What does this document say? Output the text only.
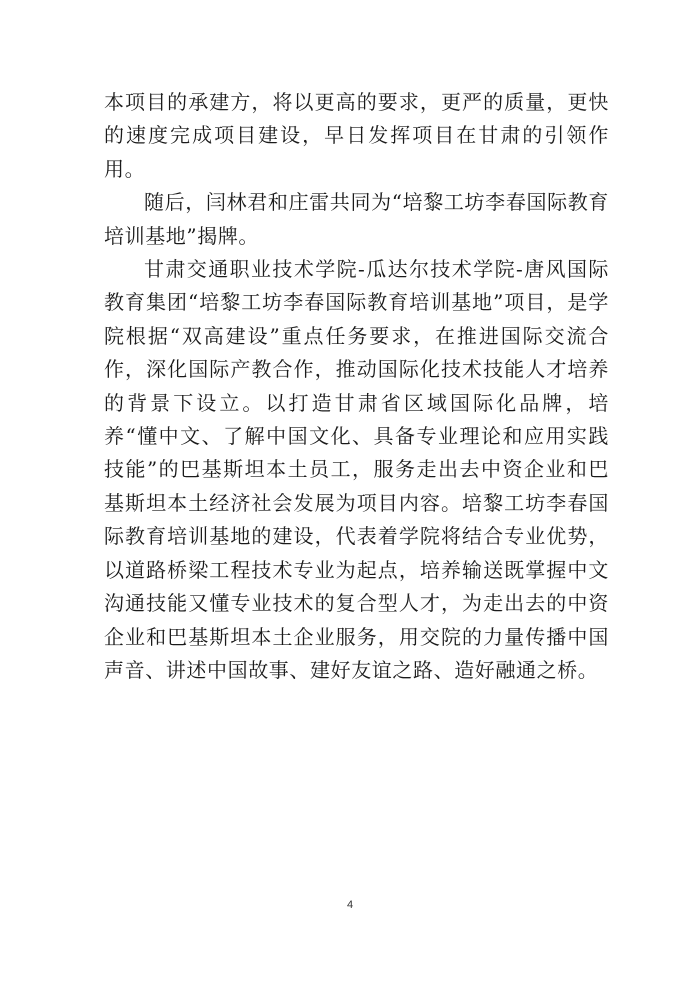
本项目的承建方，将以更高的要求，更严的质量，更快的速度完成项目建设，早日发挥项目在甘肃的引领作用。

随后，闫林君和庄雷共同为“培黎工坊李春国际教育培训基地”揭牌。

甘肃交通职业技术学院-瓜达尔技术学院-唐风国际教育集团“培黎工坊李春国际教育培训基地”项目，是学院根据“双高建设”重点任务要求，在推进国际交流合作，深化国际产教合作，推动国际化技术技能人才培养的背景下设立。以打造甘肃省区域国际化品牌，培养“懂中文、了解中国文化、具备专业理论和应用实践技能”的巴基斯坦本土员工，服务走出去中资企业和巴基斯坦本土经济社会发展为项目内容。培黎工坊李春国际教育培训基地的建设，代表着学院将结合专业优势，以道路桥梁工程技术专业为起点，培养输送既掌握中文沟通技能又懂专业技术的复合型人才，为走出去的中资企业和巴基斯坦本土企业服务，用交院的力量传播中国声音、讲述中国故事、建好友谊之路、造好融通之桥。

4
